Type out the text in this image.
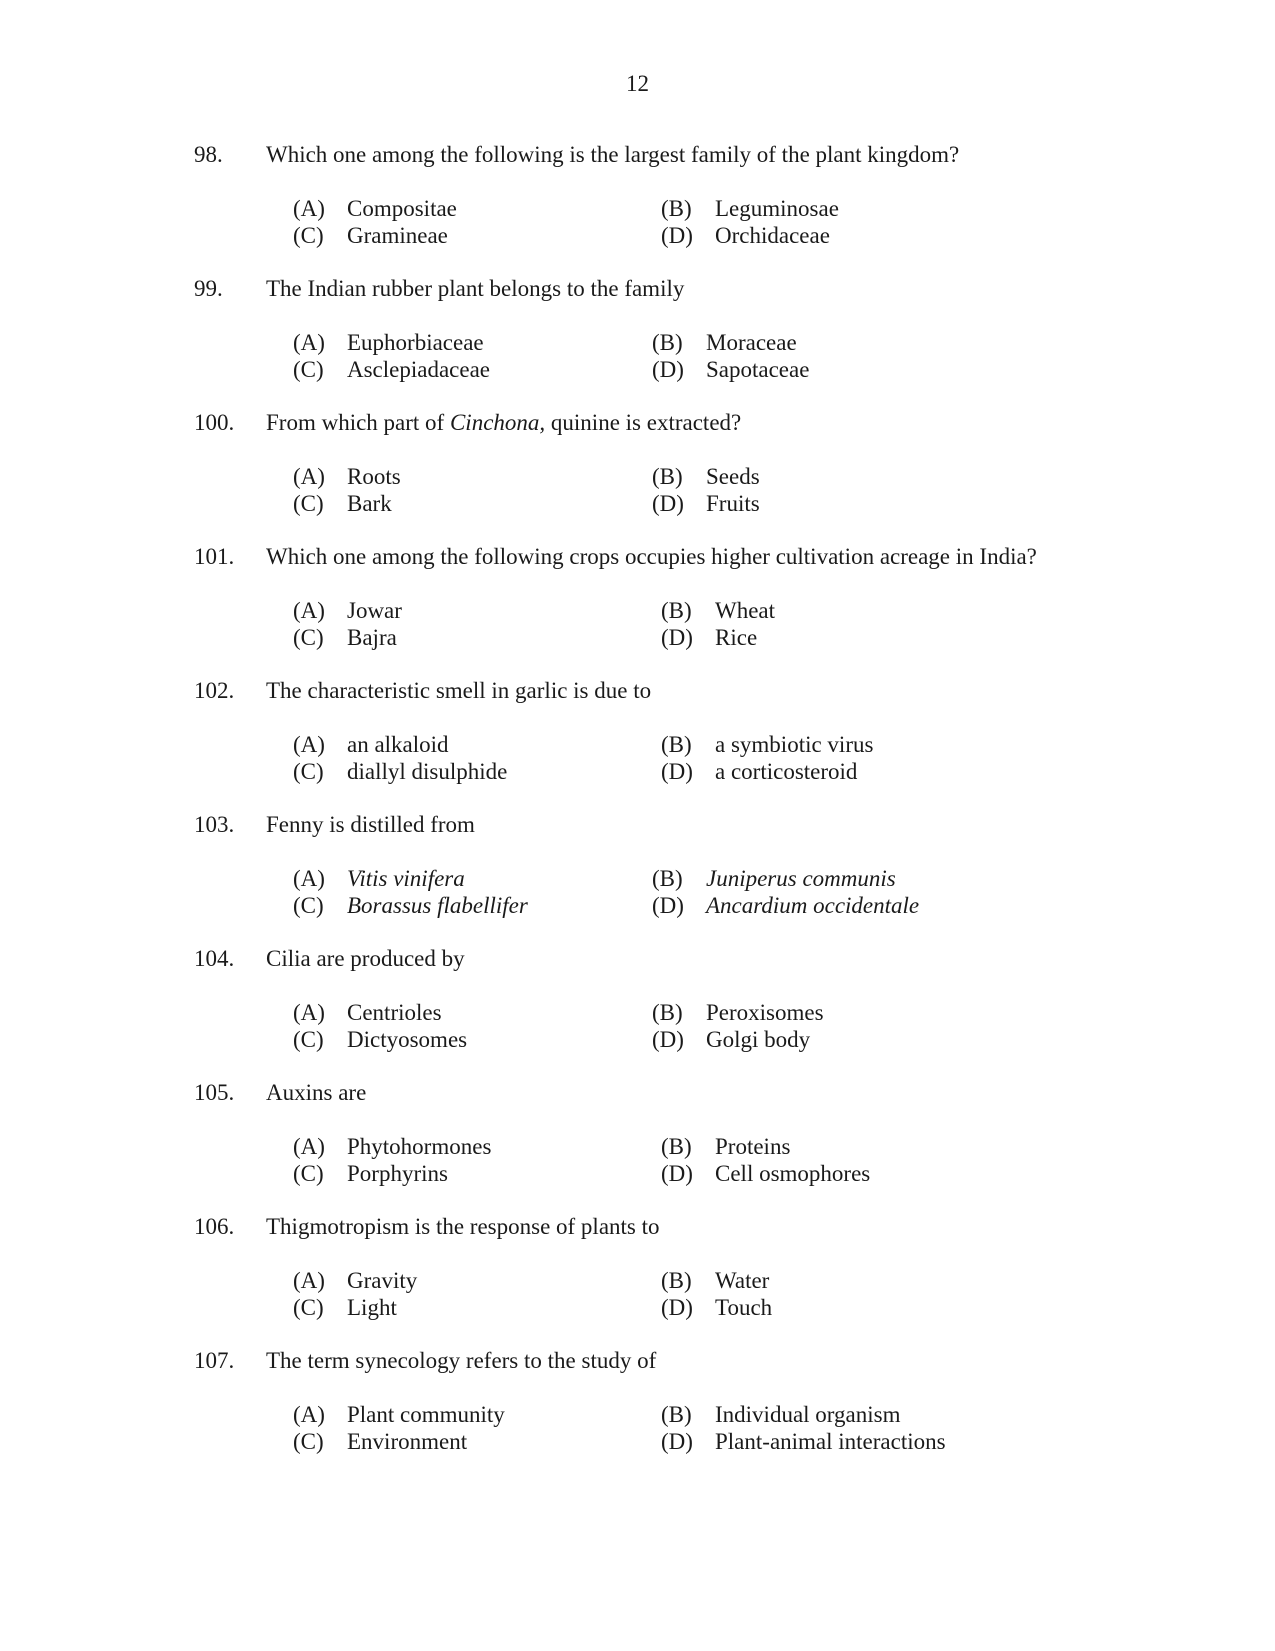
12
98. Which one among the following is the largest family of the plant kingdom?
(A) Compositae	(B) Leguminosae
(C) Gramineae	(D) Orchidaceae
99. The Indian rubber plant belongs to the family
(A) Euphorbiaceae	(B) Moraceae
(C) Asclepiadaceae	(D) Sapotaceae
100. From which part of Cinchona, quinine is extracted?
(A) Roots	(B) Seeds
(C) Bark	(D) Fruits
101. Which one among the following crops occupies higher cultivation acreage in India?
(A) Jowar	(B) Wheat
(C) Bajra	(D) Rice
102. The characteristic smell in garlic is due to
(A) an alkaloid	(B) a symbiotic virus
(C) diallyl disulphide	(D) a corticosteroid
103. Fenny is distilled from
(A) Vitis vinifera	(B) Juniperus communis
(C) Borassus flabellifer	(D) Ancardium occidentale
104. Cilia are produced by
(A) Centrioles	(B) Peroxisomes
(C) Dictyosomes	(D) Golgi body
105. Auxins are
(A) Phytohormones	(B) Proteins
(C) Porphyrins	(D) Cell osmophores
106. Thigmotropism is the response of plants to
(A) Gravity	(B) Water
(C) Light	(D) Touch
107. The term synecology refers to the study of
(A) Plant community	(B) Individual organism
(C) Environment	(D) Plant-animal interactions
